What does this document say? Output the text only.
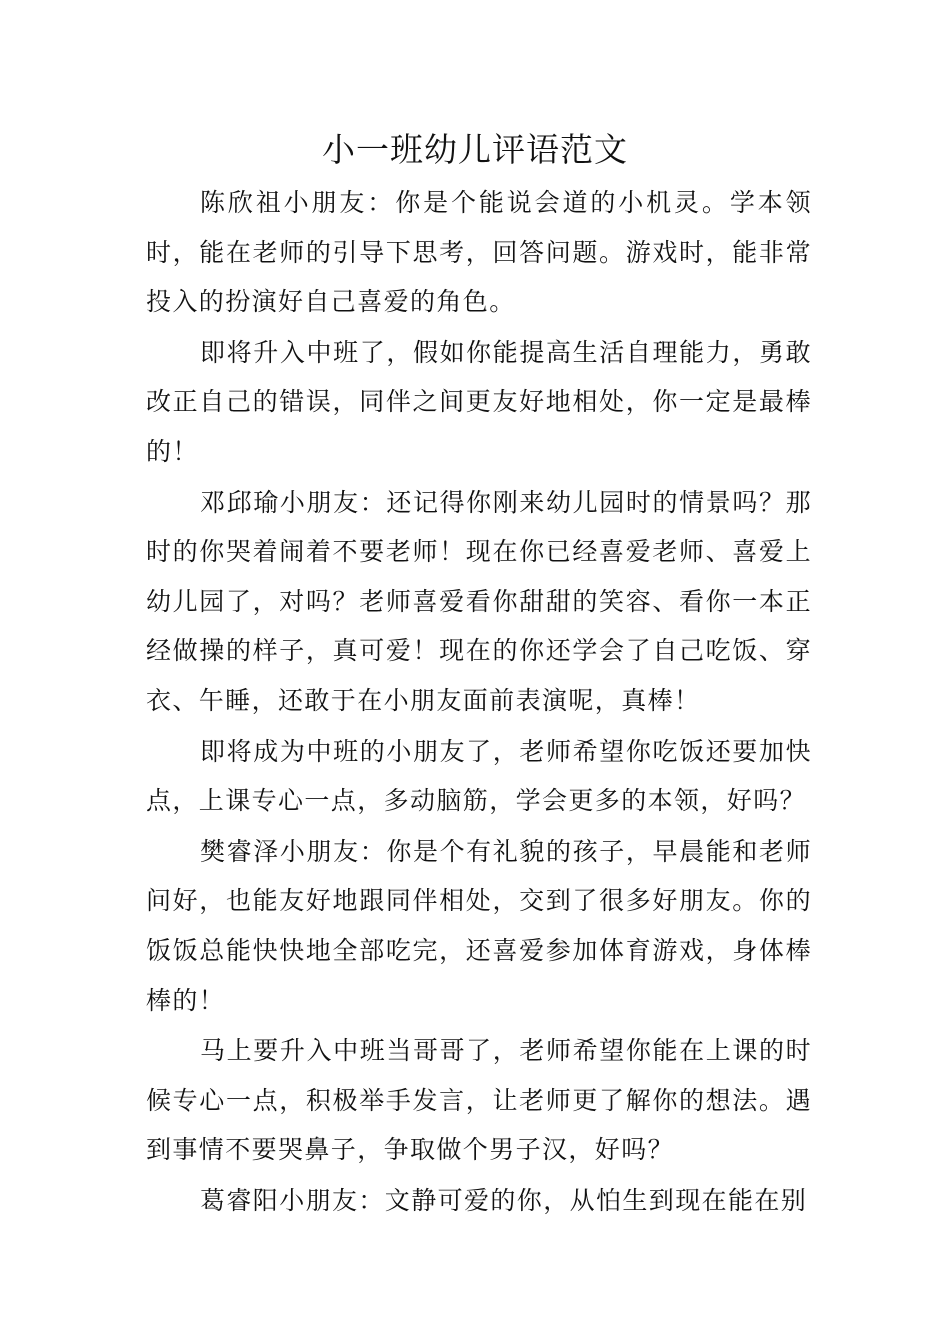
小一班幼儿评语范文

陈欣祖小朋友：你是个能说会道的小机灵。学本领时，能在老师的引导下思考，回答问题。游戏时，能非常投入的扮演好自己喜爱的角色。

即将升入中班了，假如你能提高生活自理能力，勇敢改正自己的错误，同伴之间更友好地相处，你一定是最棒的！

邓邱瑜小朋友：还记得你刚来幼儿园时的情景吗？那时的你哭着闹着不要老师！现在你已经喜爱老师、喜爱上幼儿园了，对吗？老师喜爱看你甜甜的笑容、看你一本正经做操的样子，真可爱！现在的你还学会了自己吃饭、穿衣、午睡，还敢于在小朋友面前表演呢，真棒！

即将成为中班的小朋友了，老师希望你吃饭还要加快点，上课专心一点，多动脑筋，学会更多的本领，好吗？

樊睿泽小朋友：你是个有礼貌的孩子，早晨能和老师问好，也能友好地跟同伴相处，交到了很多好朋友。你的饭饭总能快快地全部吃完，还喜爱参加体育游戏，身体棒棒的！

马上要升入中班当哥哥了，老师希望你能在上课的时候专心一点，积极举手发言，让老师更了解你的想法。遇到事情不要哭鼻子，争取做个男子汉，好吗？

葛睿阳小朋友：文静可爱的你，从怕生到现在能在别
